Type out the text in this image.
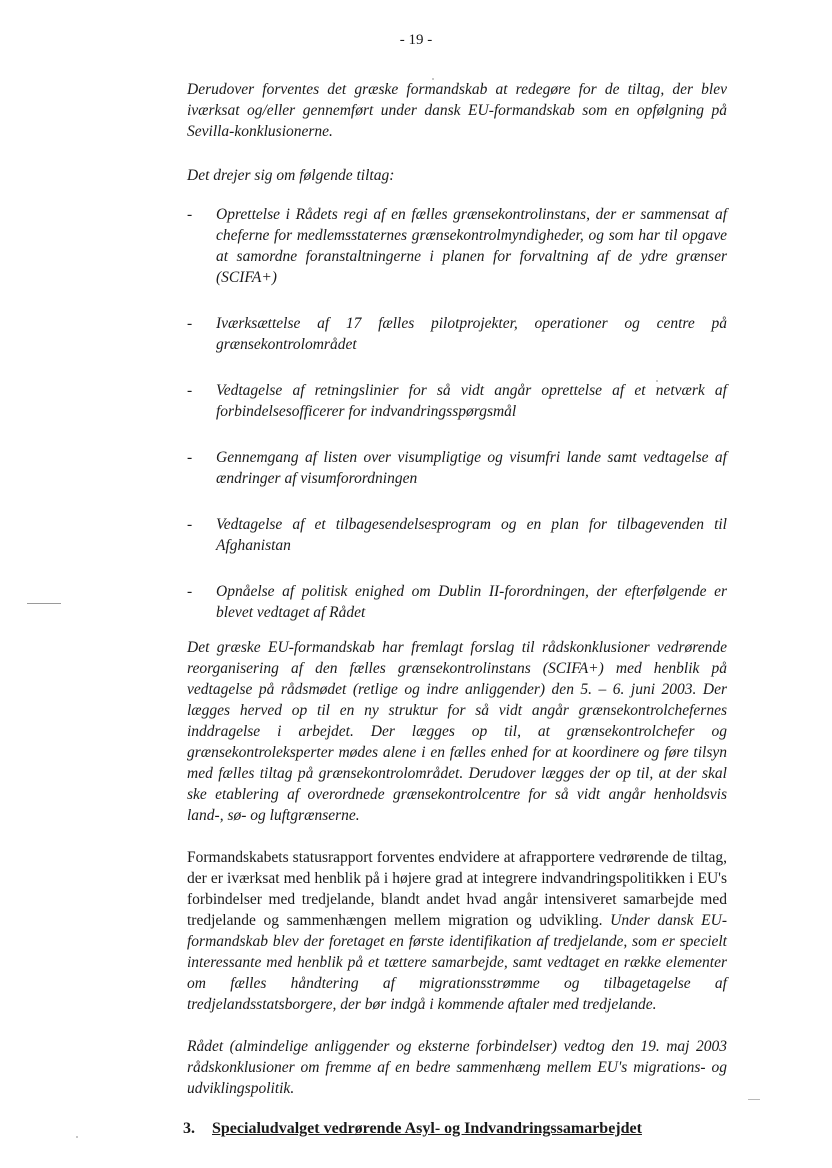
- 19 -

Derudover forventes det græske formandskab at redegøre for de tiltag, der blev iværksat og/eller gennemført under dansk EU-formandskab som en opfølgning på Sevilla-konklusionerne.

Det drejer sig om følgende tiltag:

- Oprettelse i Rådets regi af en fælles grænsekontrolinstans, der er sammensat af cheferne for medlemsstaternes grænsekontrolmyndigheder, og som har til opgave at samordne foranstaltningerne i planen for forvaltning af de ydre grænser (SCIFA+)
- Iværksættelse af 17 fælles pilotprojekter, operationer og centre på grænsekontrolområdet
- Vedtagelse af retningslinier for så vidt angår oprettelse af et netværk af forbindelsesofficerer for indvandringsspørgsmål
- Gennemgang af listen over visumpligtige og visumfri lande samt vedtagelse af ændringer af visumforordningen
- Vedtagelse af et tilbagesendelsesprogram og en plan for tilbagevenden til Afghanistan
- Opnåelse af politisk enighed om Dublin II-forordningen, der efterfølgende er blevet vedtaget af Rådet

Det græske EU-formandskab har fremlagt forslag til rådskonklusioner vedrørende reorganisering af den fælles grænsekontrolinstans (SCIFA+) med henblik på vedtagelse på rådsmødet (retlige og indre anliggender) den 5. – 6. juni 2003. Der lægges herved op til en ny struktur for så vidt angår grænsekontrolchefernes inddragelse i arbejdet. Der lægges op til, at grænsekontrolchefer og grænsekontroleksperter mødes alene i en fælles enhed for at koordinere og føre tilsyn med fælles tiltag på grænsekontrolområdet. Derudover lægges der op til, at der skal ske etablering af overordnede grænsekontrolcentre for så vidt angår henholdsvis land-, sø- og luftgrænserne.

Formandskabets statusrapport forventes endvidere at afrapportere vedrørende de tiltag, der er iværksat med henblik på i højere grad at integrere indvandringspolitikken i EU's forbindelser med tredjelande, blandt andet hvad angår intensiveret samarbejde med tredjelande og sammenhængen mellem migration og udvikling. Under dansk EU-formandskab blev der foretaget en første identifikation af tredjelande, som er specielt interessante med henblik på et tættere samarbejde, samt vedtaget en række elementer om fælles håndtering af migrationsstrømme og tilbagetagelse af tredjelandsstatsborgere, der bør indgå i kommende aftaler med tredjelande.

Rådet (almindelige anliggender og eksterne forbindelser) vedtog den 19. maj 2003 rådskonklusioner om fremme af en bedre sammenhæng mellem EU's migrations- og udviklingspolitik.

3.	Specialudvalget vedrørende Asyl- og Indvandringssamarbejdet
